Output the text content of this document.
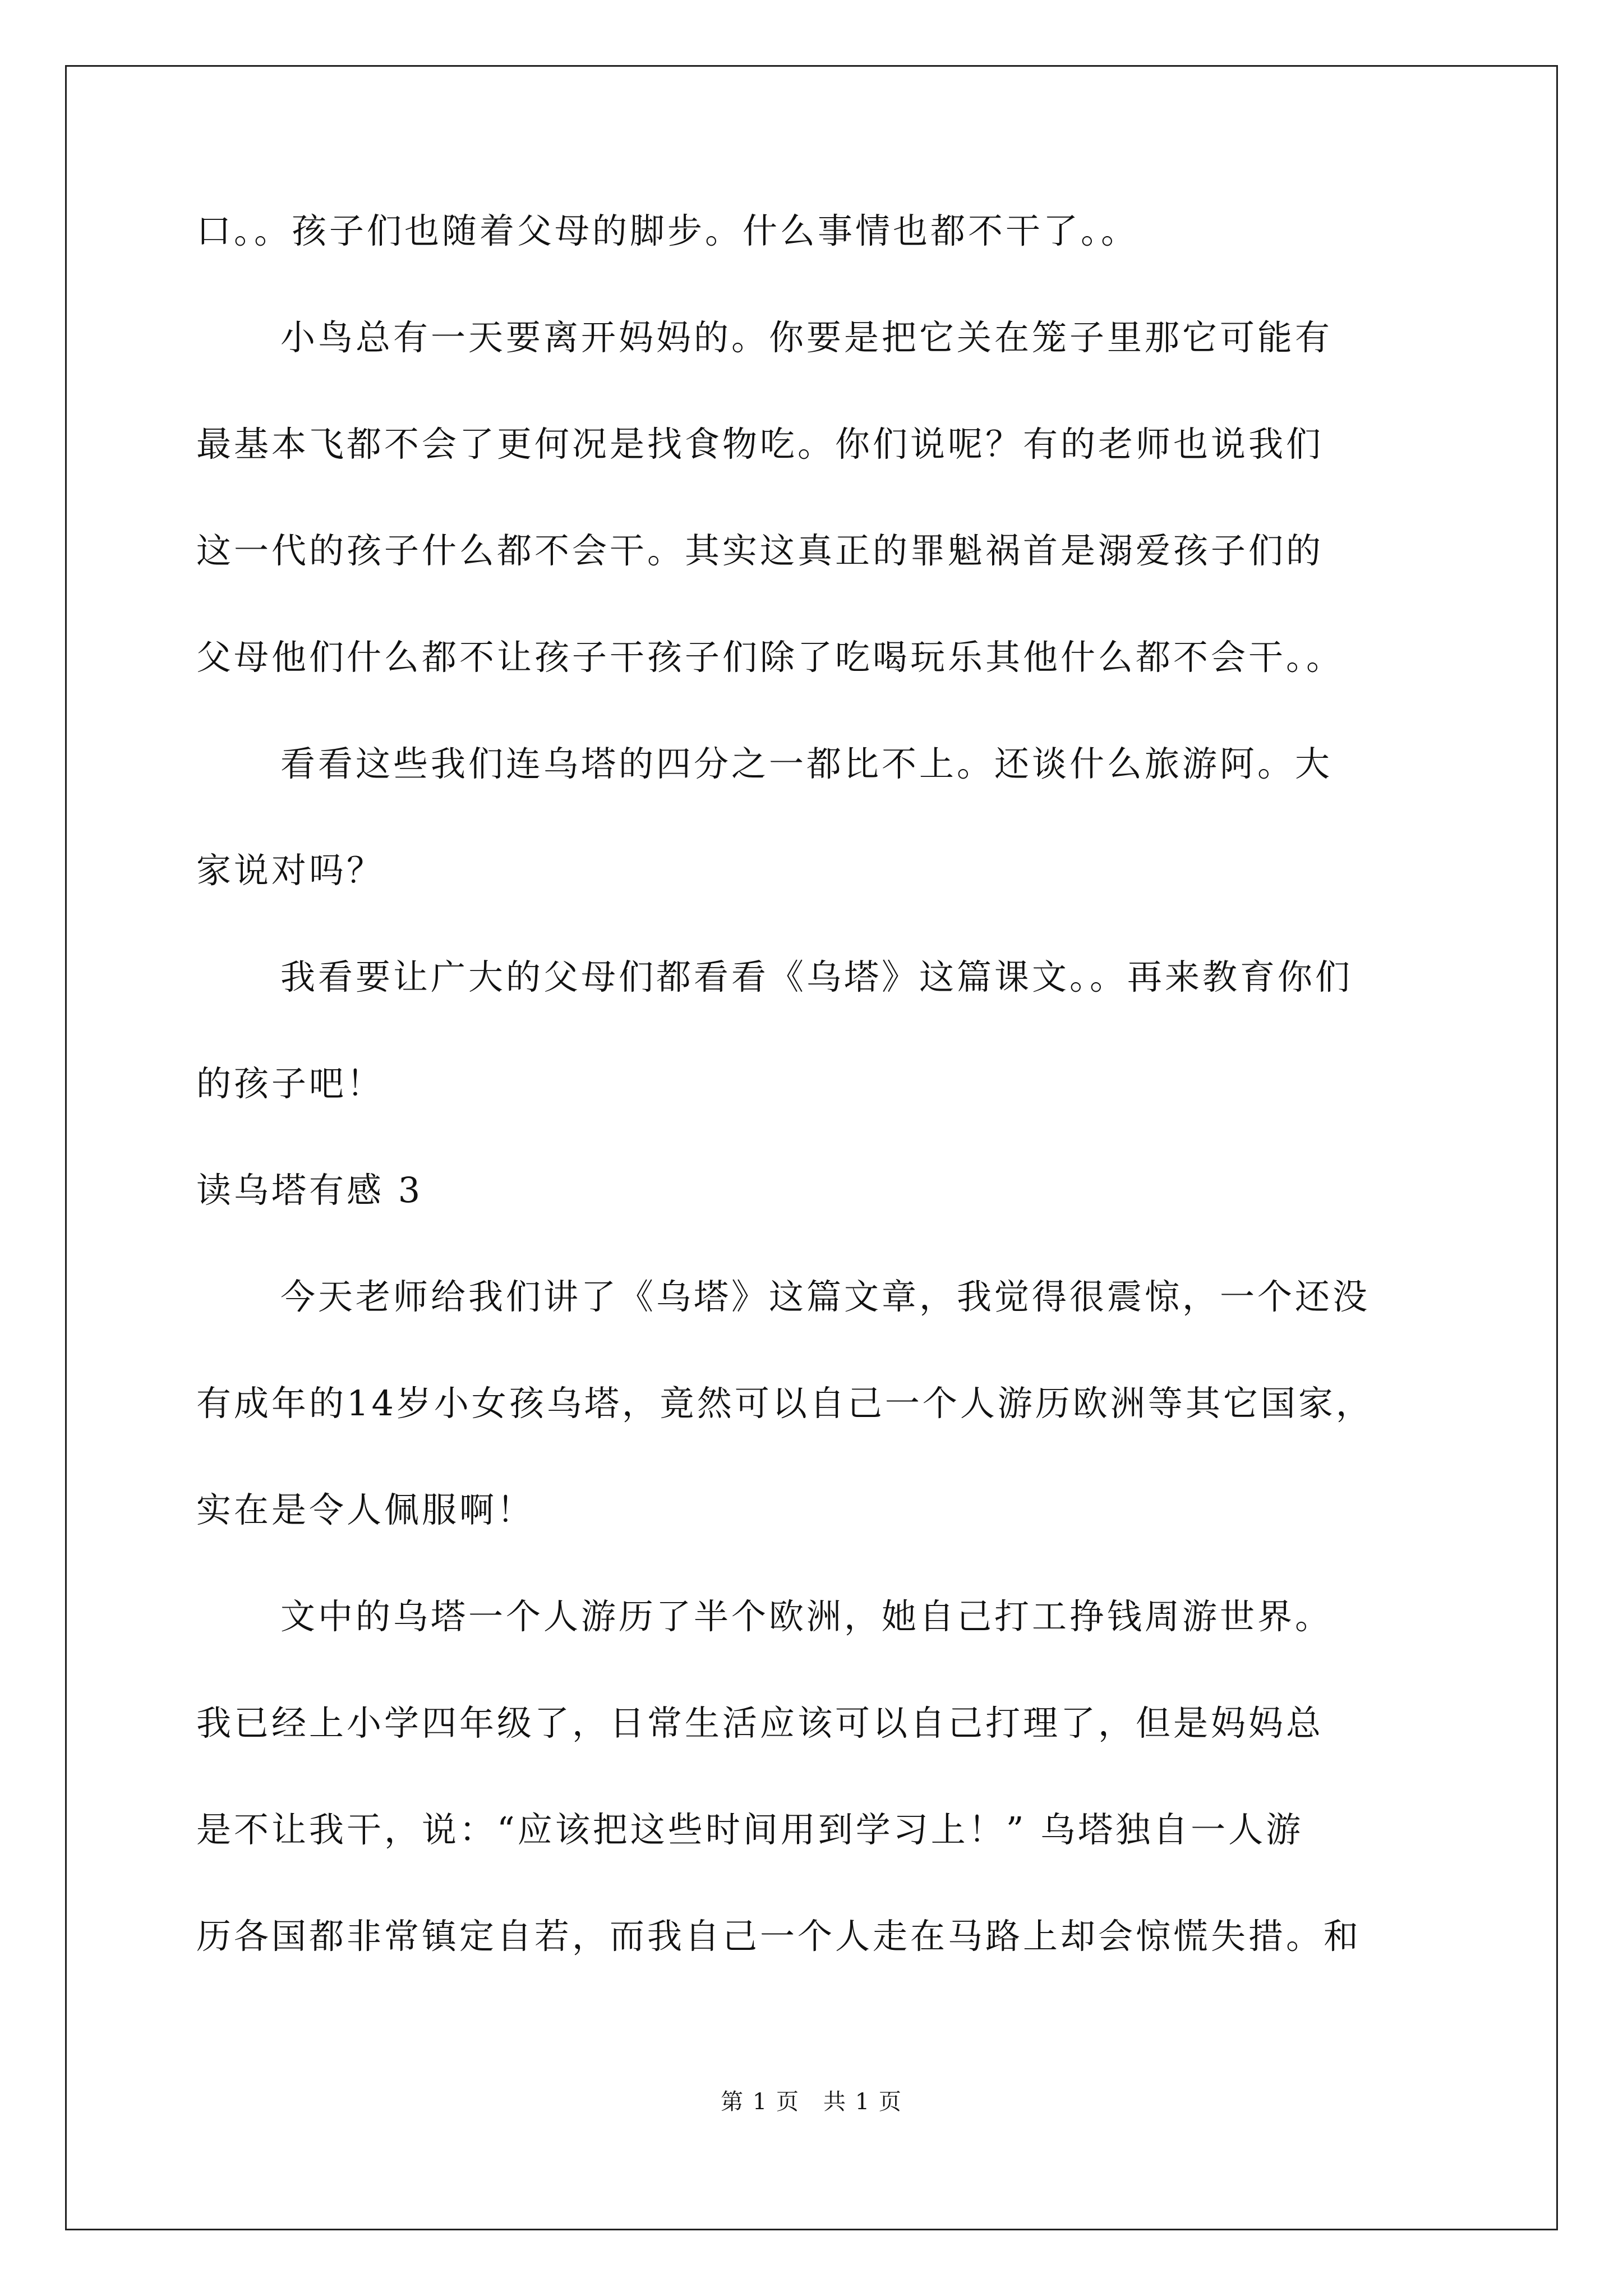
口。。孩子们也随着父母的脚步。什么事情也都不干了。。
小鸟总有一天要离开妈妈的。你要是把它关在笼子里那它可能有
最基本飞都不会了更何况是找食物吃。你们说呢？有的老师也说我们
这一代的孩子什么都不会干。其实这真正的罪魁祸首是溺爱孩子们的
父母他们什么都不让孩子干孩子们除了吃喝玩乐其他什么都不会干。。
看看这些我们连乌塔的四分之一都比不上。还谈什么旅游阿。大
家说对吗？
我看要让广大的父母们都看看《乌塔》这篇课文。。再来教育你们
的孩子吧！
读乌塔有感 3
今天老师给我们讲了《乌塔》这篇文章，我觉得很震惊，一个还没
有成年的14岁小女孩乌塔，竟然可以自己一个人游历欧洲等其它国家，
实在是令人佩服啊！
文中的乌塔一个人游历了半个欧洲，她自己打工挣钱周游世界。
我已经上小学四年级了，日常生活应该可以自己打理了，但是妈妈总
是不让我干，说：“应该把这些时间用到学习上！” 乌塔独自一人游
历各国都非常镇定自若，而我自己一个人走在马路上却会惊慌失措。和
第 1 页　共 1 页
